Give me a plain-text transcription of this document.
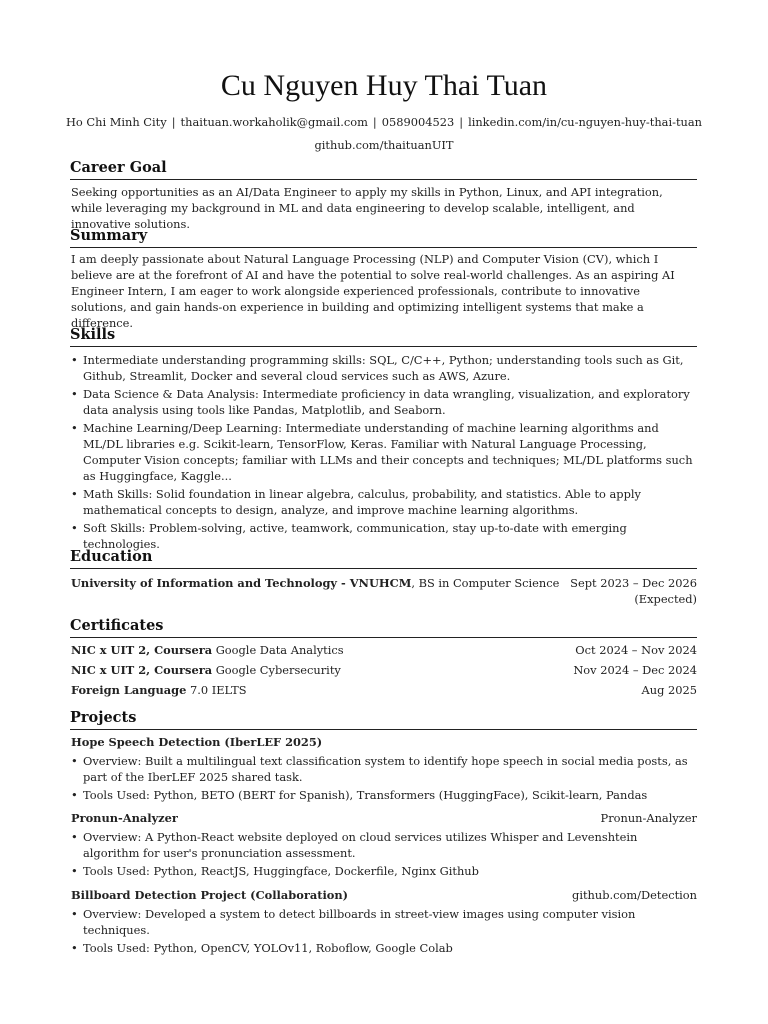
Cu Nguyen Huy Thai Tuan
Ho Chi Minh City | thaituan.workaholik@gmail.com | 0589004523 | linkedin.com/in/cu-nguyen-huy-thai-tuan
github.com/thaituanUIT
Career Goal
Seeking opportunities as an AI/Data Engineer to apply my skills in Python, Linux, and API integration, while leveraging my background in ML and data engineering to develop scalable, intelligent, and innovative solutions.
Summary
I am deeply passionate about Natural Language Processing (NLP) and Computer Vision (CV), which I believe are at the forefront of AI and have the potential to solve real-world challenges. As an aspiring AI Engineer Intern, I am eager to work alongside experienced professionals, contribute to innovative solutions, and gain hands-on experience in building and optimizing intelligent systems that make a difference.
Skills
• Intermediate understanding programming skills: SQL, C/C++, Python; understanding tools such as Git, Github, Streamlit, Docker and several cloud services such as AWS, Azure.
• Data Science & Data Analysis: Intermediate proficiency in data wrangling, visualization, and exploratory data analysis using tools like Pandas, Matplotlib, and Seaborn.
• Machine Learning/Deep Learning: Intermediate understanding of machine learning algorithms and ML/DL libraries e.g. Scikit-learn, TensorFlow, Keras. Familiar with Natural Language Processing, Computer Vision concepts; familiar with LLMs and their concepts and techniques; ML/DL platforms such as Huggingface, Kaggle...
• Math Skills: Solid foundation in linear algebra, calculus, probability, and statistics. Able to apply mathematical concepts to design, analyze, and improve machine learning algorithms.
• Soft Skills: Problem-solving, active, teamwork, communication, stay up-to-date with emerging technologies.
Education
University of Information and Technology - VNUHCM, BS in Computer Science Sept 2023 – Dec 2026
(Expected)
Certificates
NIC x UIT 2, Coursera Google Data Analytics	Oct 2024 – Nov 2024
NIC x UIT 2, Coursera Google Cybersecurity	Nov 2024 – Dec 2024
Foreign Language 7.0 IELTS	Aug 2025
Projects
Hope Speech Detection (IberLEF 2025)
• Overview: Built a multilingual text classification system to identify hope speech in social media posts, as part of the IberLEF 2025 shared task.
• Tools Used: Python, BETO (BERT for Spanish), Transformers (HuggingFace), Scikit-learn, Pandas
Pronun-Analyzer	Pronun-Analyzer
• Overview: A Python-React website deployed on cloud services utilizes Whisper and Levenshtein algorithm for user's pronunciation assessment.
• Tools Used: Python, ReactJS, Huggingface, Dockerfile, Nginx Github
Billboard Detection Project (Collaboration)	github.com/Detection
• Overview: Developed a system to detect billboards in street-view images using computer vision techniques.
• Tools Used: Python, OpenCV, YOLOv11, Roboflow, Google Colab
